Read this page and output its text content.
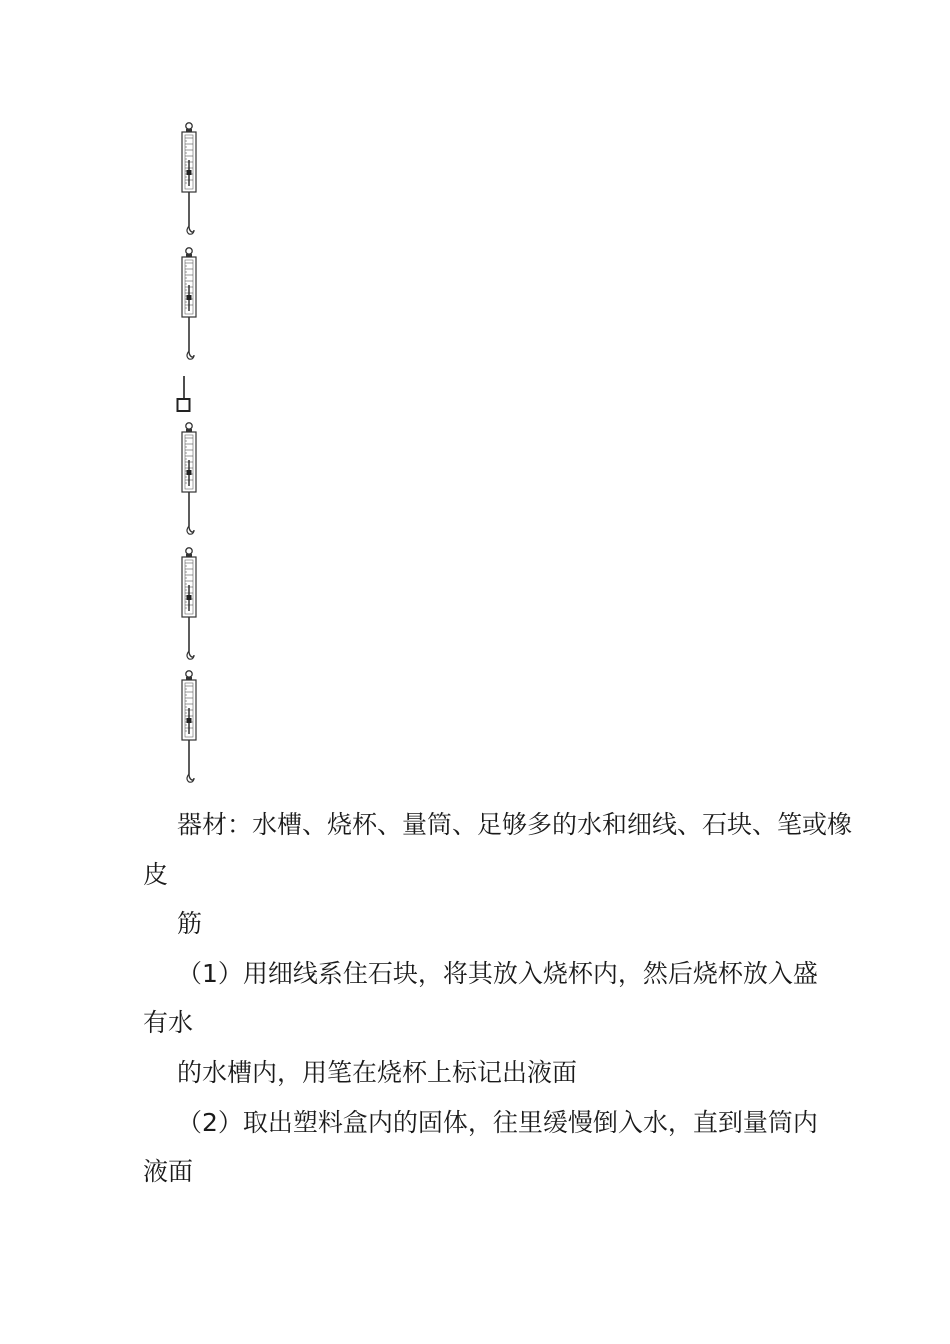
器材：水槽、烧杯、量筒、足够多的水和细线、石块、笔或橡
皮
筋
（1）用细线系住石块，将其放入烧杯内，然后烧杯放入盛
有水
的水槽内，用笔在烧杯上标记出液面
（2）取出塑料盒内的固体，往里缓慢倒入水，直到量筒内
液面
